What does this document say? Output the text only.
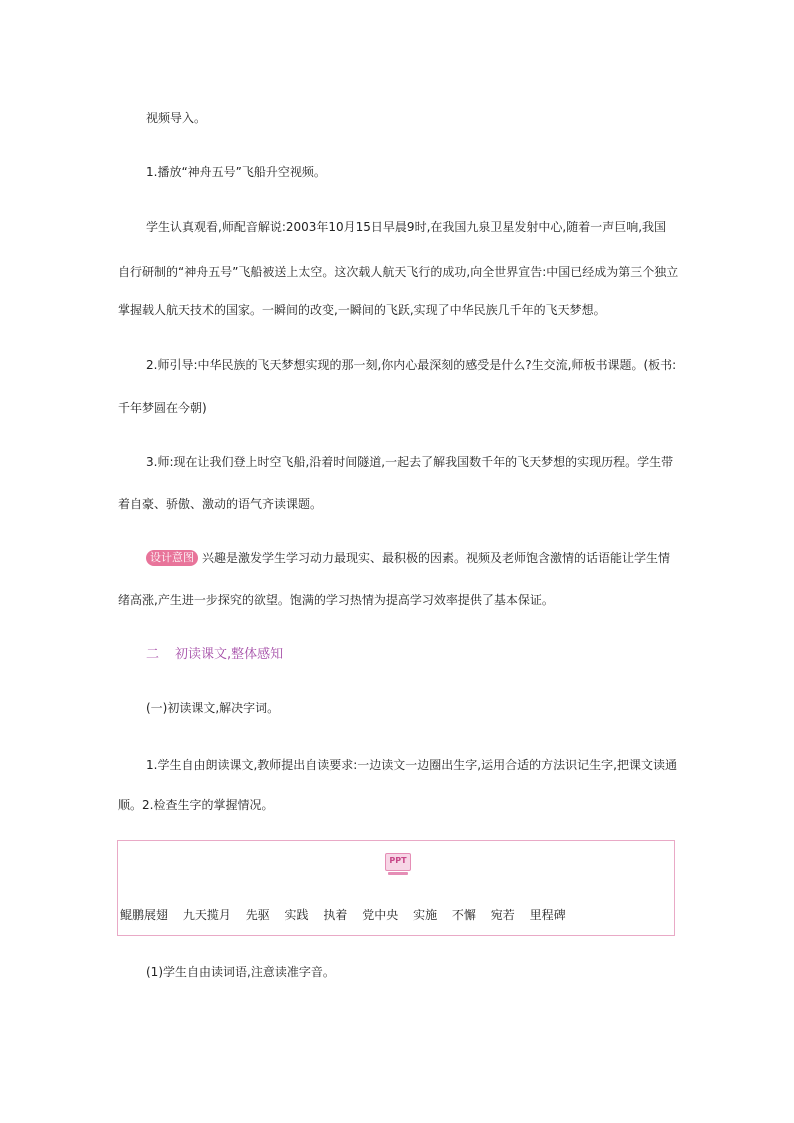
视频导入。
1.播放“神舟五号”飞船升空视频。
学生认真观看,师配音解说:2003年10月15日早晨9时,在我国九泉卫星发射中心,随着一声巨响,我国
自行研制的“神舟五号”飞船被送上太空。这次载人航天飞行的成功,向全世界宣告:中国已经成为第三个独立
掌握载人航天技术的国家。一瞬间的改变,一瞬间的飞跃,实现了中华民族几千年的飞天梦想。
2.师引导:中华民族的飞天梦想实现的那一刻,你内心最深刻的感受是什么?生交流,师板书课题。(板书:
千年梦圆在今朝)
3.师:现在让我们登上时空飞船,沿着时间隧道,一起去了解我国数千年的飞天梦想的实现历程。学生带
着自豪、骄傲、激动的语气齐读课题。
设计意图 兴趣是激发学生学习动力最现实、最积极的因素。视频及老师饱含激情的话语能让学生情
绪高涨,产生进一步探究的欲望。饱满的学习热情为提高学习效率提供了基本保证。
二 初读课文,整体感知
(一)初读课文,解决字词。
1.学生自由朗读课文,教师提出自读要求:一边读文一边圈出生字,运用合适的方法识记生字,把课文读通
顺。2.检查生字的掌握情况。
PPT
鲲鹏展翅 九天揽月 先驱 实践 执着 党中央 实施 不懈 宛若 里程碑
(1)学生自由读词语,注意读准字音。
